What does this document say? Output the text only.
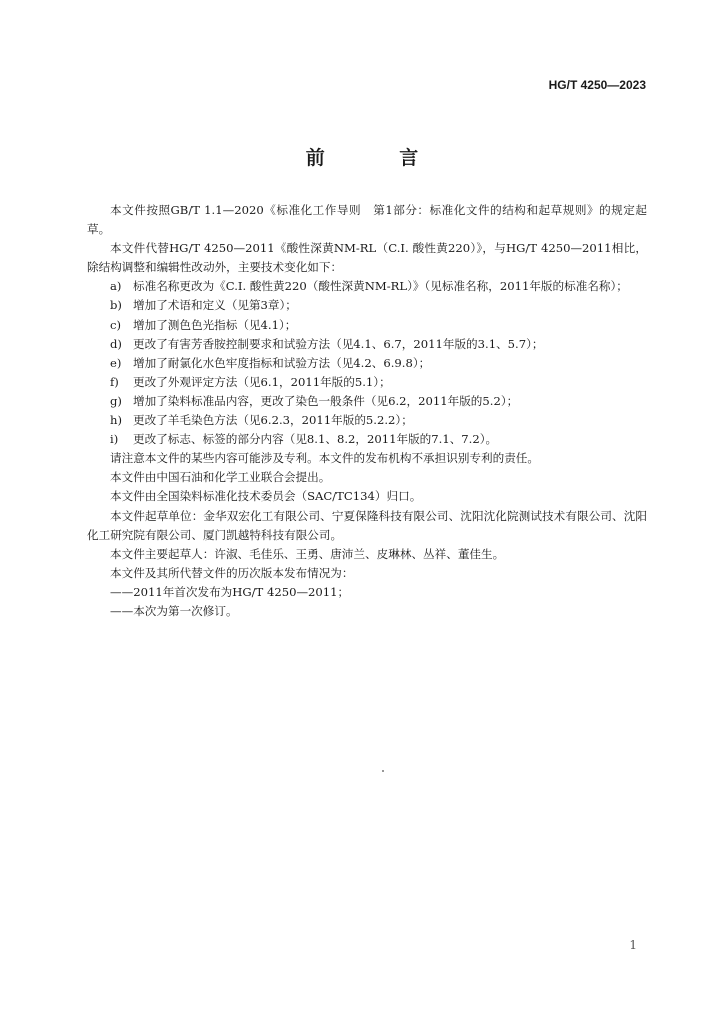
HG/T 4250—2023
前 言

本文件按照GB/T 1.1—2020《标准化工作导则　第1部分：标准化文件的结构和起草规则》的规定起草。

本文件代替HG/T 4250—2011《酸性深黄NM-RL（C.I. 酸性黄220）》，与HG/T 4250—2011相比，除结构调整和编辑性改动外，主要技术变化如下：

a) 标准名称更改为《C.I. 酸性黄220（酸性深黄NM-RL）》（见标准名称，2011年版的标准名称）；

b) 增加了术语和定义（见第3章）；

c) 增加了测色色光指标（见4.1）；

d) 更改了有害芳香胺控制要求和试验方法（见4.1、6.7，2011年版的3.1、5.7）；

e) 增加了耐氯化水色牢度指标和试验方法（见4.2、6.9.8）；

f) 更改了外观评定方法（见6.1，2011年版的5.1）；

g) 增加了染料标准品内容，更改了染色一般条件（见6.2，2011年版的5.2）；

h) 更改了羊毛染色方法（见6.2.3，2011年版的5.2.2）；

i) 更改了标志、标签的部分内容（见8.1、8.2，2011年版的7.1、7.2）。

请注意本文件的某些内容可能涉及专利。本文件的发布机构不承担识别专利的责任。

本文件由中国石油和化学工业联合会提出。

本文件由全国染料标准化技术委员会（SAC/TC134）归口。

本文件起草单位：金华双宏化工有限公司、宁夏保隆科技有限公司、沈阳沈化院测试技术有限公司、沈阳化工研究院有限公司、厦门凯越特科技有限公司。

本文件主要起草人：许淑、毛佳乐、王勇、唐沛兰、皮琳林、丛祥、董佳生。

本文件及其所代替文件的历次版本发布情况为：

——2011年首次发布为HG/T 4250—2011；

——本次为第一次修订。

1
